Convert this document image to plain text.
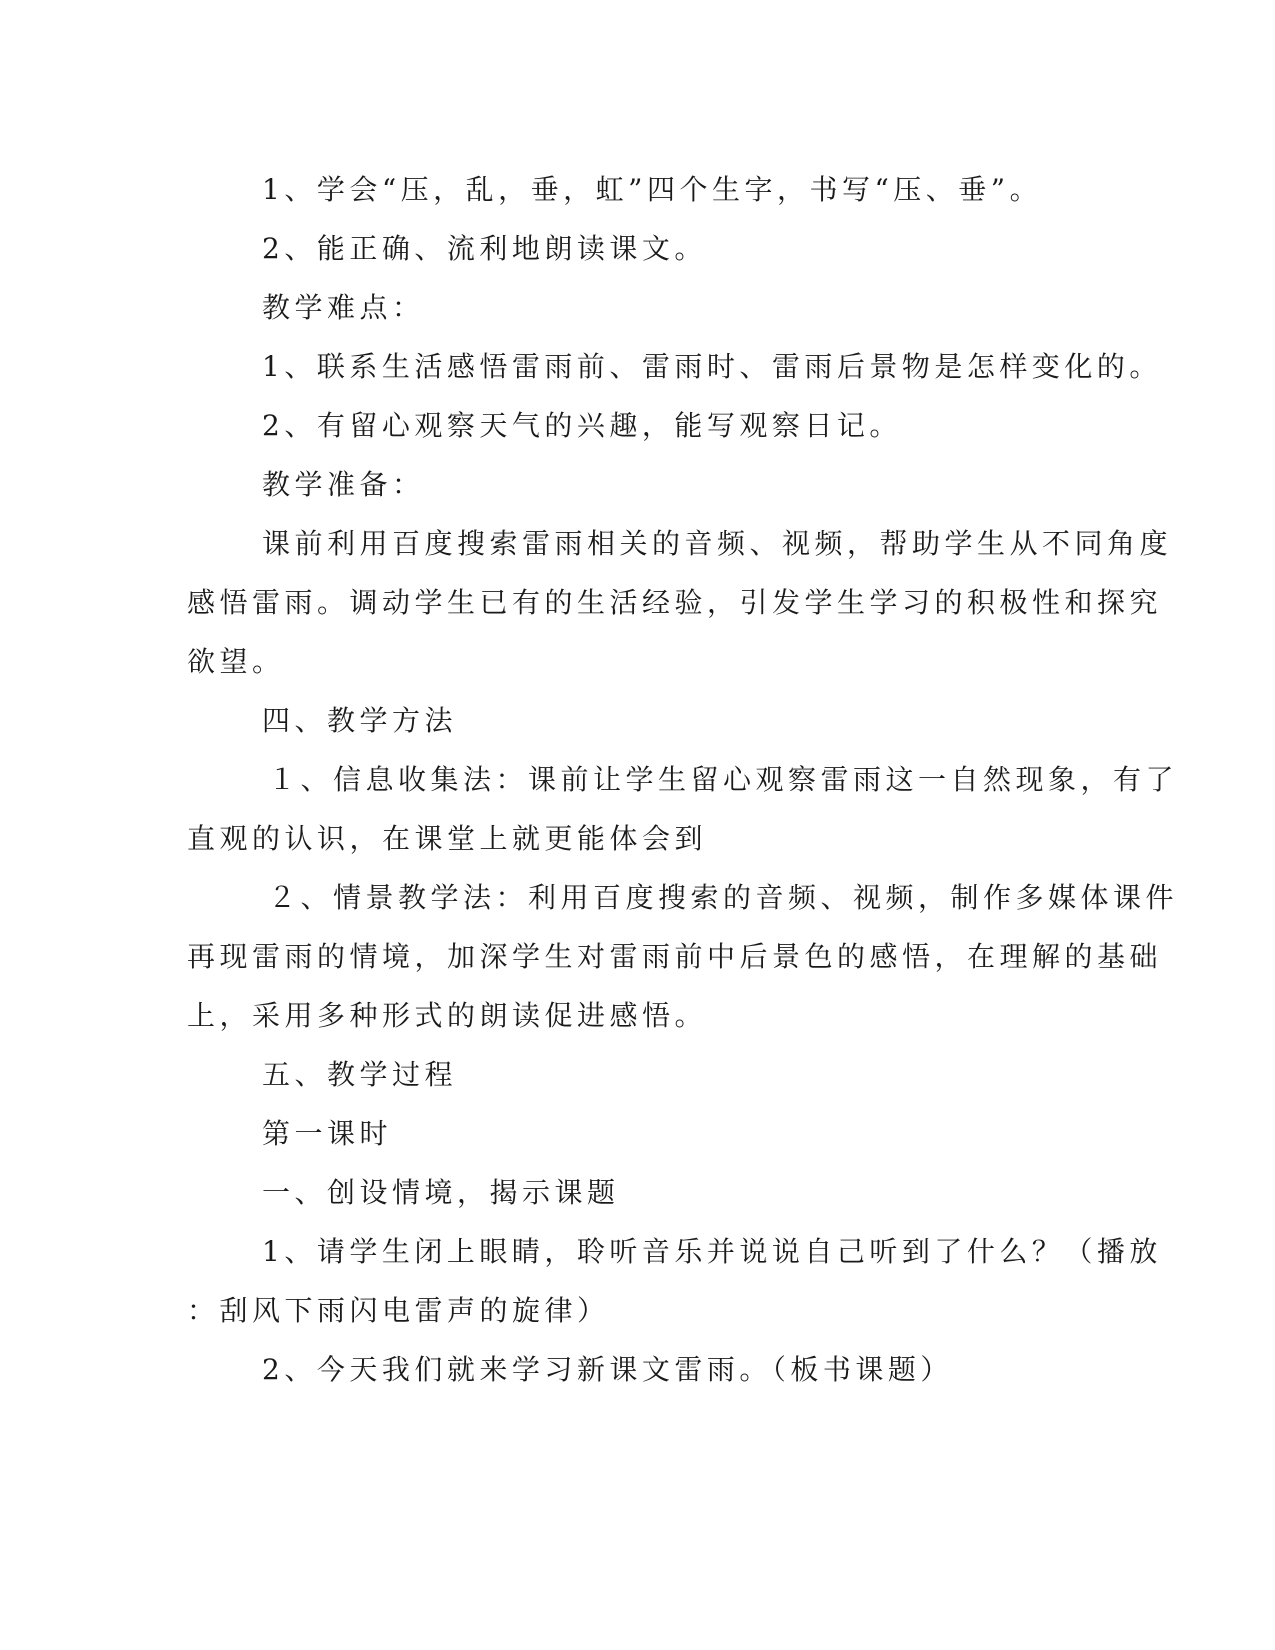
1、学会“压，乱，垂，虹”四个生字，书写“压、垂”。
2、能正确、流利地朗读课文。
教学难点：
1、联系生活感悟雷雨前、雷雨时、雷雨后景物是怎样变化的。
2、有留心观察天气的兴趣，能写观察日记。
教学准备：
课前利用百度搜索雷雨相关的音频、视频，帮助学生从不同角度
感悟雷雨。调动学生已有的生活经验，引发学生学习的积极性和探究
欲望。
四、教学方法
１、信息收集法：课前让学生留心观察雷雨这一自然现象，有了
直观的认识，在课堂上就更能体会到
２、情景教学法：利用百度搜索的音频、视频，制作多媒体课件
再现雷雨的情境，加深学生对雷雨前中后景色的感悟，在理解的基础
上，采用多种形式的朗读促进感悟。
五、教学过程
第一课时
一、创设情境，揭示课题
1、请学生闭上眼睛，聆听音乐并说说自己听到了什么？（播放
：刮风下雨闪电雷声的旋律）
2、今天我们就来学习新课文雷雨。（板书课题）
